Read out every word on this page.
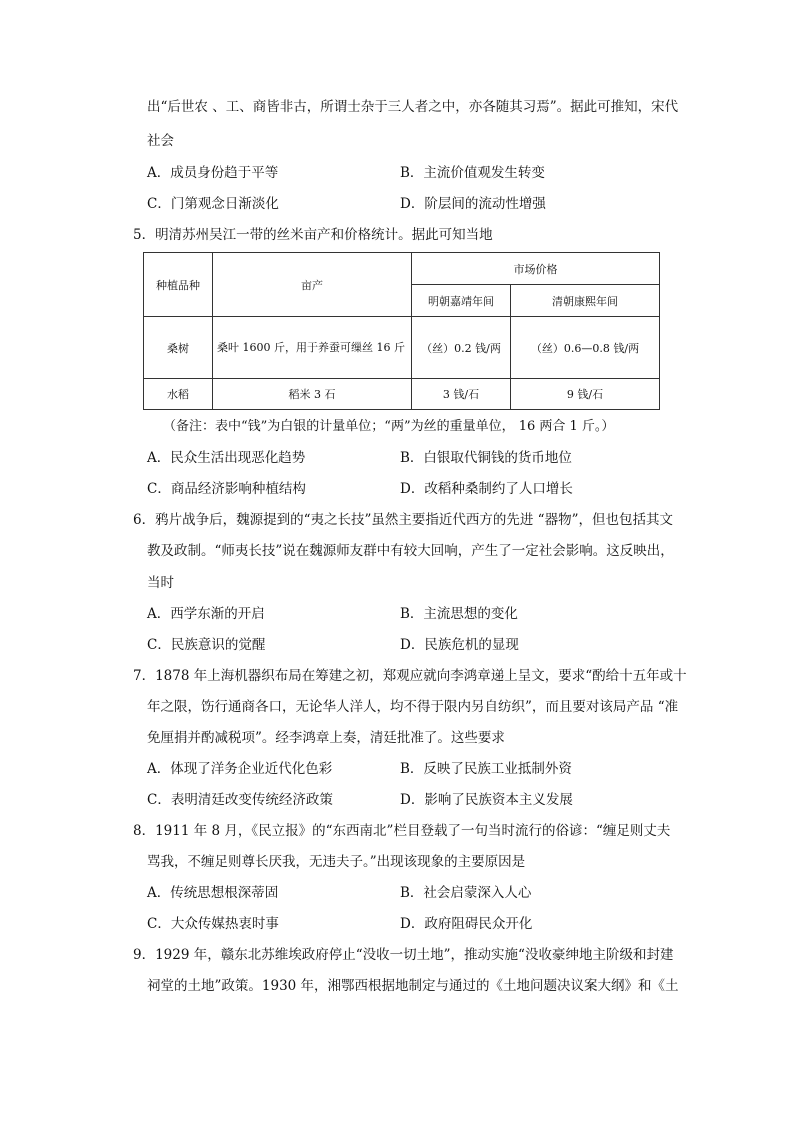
出“后世农 、工、商皆非古，所谓士杂于三人者之中，亦各随其习焉”。据此可推知，宋代
社会
A．成员身份趋于平等	B．主流价值观发生转变
C．门第观念日渐淡化	D．阶层间的流动性增强
5．明清苏州吴江一带的丝米亩产和价格统计。据此可知当地
种植品种	亩产	市场价格	
		明朝嘉靖年间	清朝康熙年间
桑树	桑叶 1600 斤，用于养蚕可缫丝 16 斤	（丝）0.2 钱/两	（丝）0.6—0.8 钱/两
水稻	稻米 3 石	3 钱/石	9 钱/石
（备注：表中“钱”为白银的计量单位；“两”为丝的重量单位， 16 两合 1 斤。）
A．民众生活出现恶化趋势	B．白银取代铜钱的货币地位
C．商品经济影响种植结构	D．改稻种桑制约了人口增长
6．鸦片战争后，魏源提到的“夷之长技”虽然主要指近代西方的先进 “器物”，但也包括其文
教及政制。“师夷长技”说在魏源师友群中有较大回响，产生了一定社会影响。这反映出，
当时
A．西学东渐的开启	B．主流思想的变化
C．民族意识的觉醒	D．民族危机的显现
7．1878 年上海机器织布局在筹建之初，郑观应就向李鸿章递上呈文，要求“酌给十五年或十
年之限，饬行通商各口，无论华人洋人，均不得于限内另自纺织”，而且要对该局产品 “准
免厘捐并酌减税项”。经李鸿章上奏，清廷批准了。这些要求
A．体现了洋务企业近代化色彩	B．反映了民族工业抵制外资
C．表明清廷改变传统经济政策	D．影响了民族资本主义发展
8．1911 年 8 月，《民立报》的“东西南北”栏目登载了一句当时流行的俗谚：“缠足则丈夫
骂我，不缠足则尊长厌我，无违夫子。”出现该现象的主要原因是
A．传统思想根深蒂固	B．社会启蒙深入人心
C．大众传媒热衷时事	D．政府阻碍民众开化
9．1929 年，赣东北苏维埃政府停止“没收一切土地”，推动实施“没收豪绅地主阶级和封建
祠堂的土地”政策。1930 年，湘鄂西根据地制定与通过的《土地问题决议案大纲》和《土
